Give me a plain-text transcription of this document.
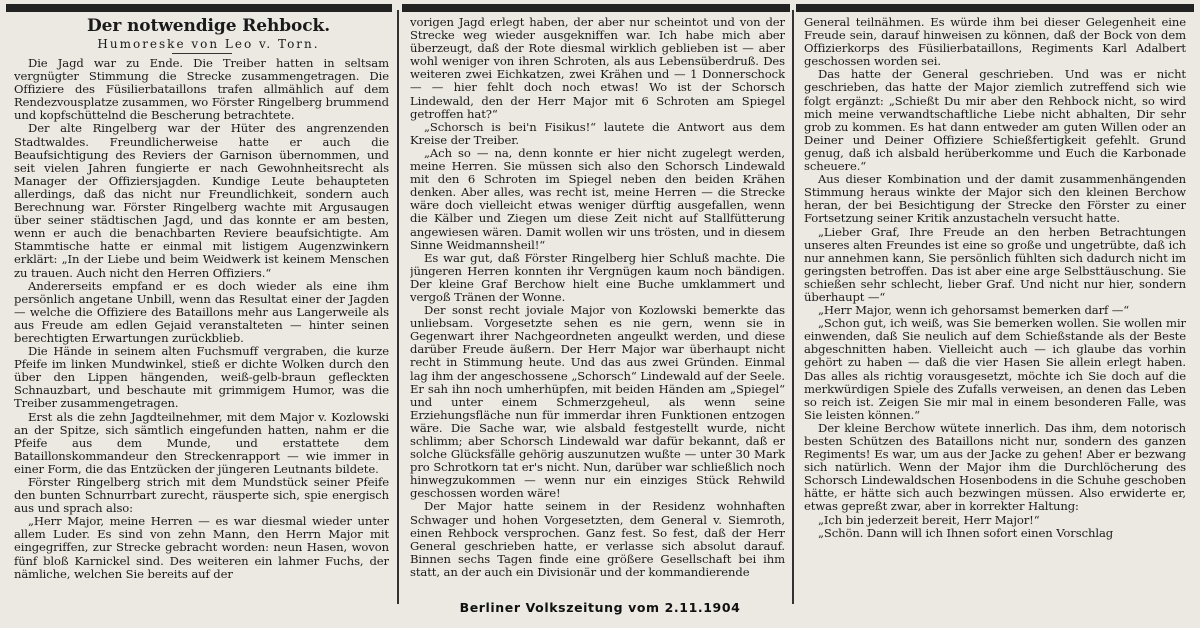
Der notwendige Rehbock.

Humoreske von Leo v. Torn.

Die Jagd war zu Ende. Die Treiber hatten in seltsam vergnügter Stimmung die Strecke zusammengetragen. Die Offiziere des Füsilierbataillons trafen allmählich auf dem Rendezvousplatze zusammen, wo Förster Ringelberg brummend und kopfschüttelnd die Bescherung betrachtete.

Der alte Ringelberg war der Hüter des angrenzenden Stadtwaldes. Freundlicherweise hatte er auch die Beaufsichtigung des Reviers der Garnison übernommen, und seit vielen Jahren fungierte er nach Gewohnheitsrecht als Manager der Offiziersjagden. Kundige Leute behaupteten allerdings, daß das nicht nur Freundlichkeit, sondern auch Berechnung war. Förster Ringelberg wachte mit Argusaugen über seiner städtischen Jagd, und das konnte er am besten, wenn er auch die benachbarten Reviere beaufsichtigte. Am Stammtische hatte er einmal mit listigem Augenzwinkern erklärt: „In der Liebe und beim Weidwerk ist keinem Menschen zu trauen. Auch nicht den Herren Offiziers.“

Andererseits empfand er es doch wieder als eine ihm persönlich angetane Unbill, wenn das Resultat einer der Jagden — welche die Offiziere des Bataillons mehr aus Langerweile als aus Freude am edlen Gejaid veranstalteten — hinter seinen berechtigten Erwartungen zurückblieb.

Die Hände in seinem alten Fuchsmuff vergraben, die kurze Pfeife im linken Mundwinkel, stieß er dichte Wolken durch den über den Lippen hängenden, weiß-gelb-braun gefleckten Schnauzbart, und beschaute mit grimmigem Humor, was die Treiber zusammengetragen.

Erst als die zehn Jagdteilnehmer, mit dem Major v. Kozlowski an der Spitze, sich sämtlich eingefunden hatten, nahm er die Pfeife aus dem Munde, und erstattete dem Bataillonskommandeur den Streckenrapport — wie immer in einer Form, die das Entzücken der jüngeren Leutnants bildete.

Förster Ringelberg strich mit dem Mundstück seiner Pfeife den bunten Schnurrbart zurecht, räusperte sich, spie energisch aus und sprach also:

„Herr Major, meine Herren — es war diesmal wieder unter allem Luder. Es sind von zehn Mann, den Herrn Major mit eingegriffen, zur Strecke gebracht worden: neun Hasen, wovon fünf bloß Karnickel sind. Des weiteren ein lahmer Fuchs, der nämliche, welchen Sie bereits auf der

vorigen Jagd erlegt haben, der aber nur scheintot und von der Strecke weg wieder ausgekniffen war. Ich habe mich aber überzeugt, daß der Rote diesmal wirklich geblieben ist — aber wohl weniger von ihren Schroten, als aus Lebensüberdruß. Des weiteren zwei Eichkatzen, zwei Krähen und — 1 Donnerschock — — hier fehlt doch noch etwas! Wo ist der Schorsch Lindewald, den der Herr Major mit 6 Schroten am Spiegel getroffen hat?“

„Schorsch is bei'n Fisikus!“ lautete die Antwort aus dem Kreise der Treiber.

„Ach so — na, denn konnte er hier nicht zugelegt werden, meine Herren. Sie müssen sich also den Schorsch Lindewald mit den 6 Schroten im Spiegel neben den beiden Krähen denken. Aber alles, was recht ist, meine Herren — die Strecke wäre doch vielleicht etwas weniger dürftig ausgefallen, wenn die Kälber und Ziegen um diese Zeit nicht auf Stallfütterung angewiesen wären. Damit wollen wir uns trösten, und in diesem Sinne Weidmannsheil!“

Es war gut, daß Förster Ringelberg hier Schluß machte. Die jüngeren Herren konnten ihr Vergnügen kaum noch bändigen. Der kleine Graf Berchow hielt eine Buche umklammert und vergoß Tränen der Wonne.

Der sonst recht joviale Major von Kozlowski bemerkte das unliebsam. Vorgesetzte sehen es nie gern, wenn sie in Gegenwart ihrer Nachgeordneten angeulkt werden, und diese darüber Freude äußern. Der Herr Major war überhaupt nicht recht in Stimmung heute. Und das aus zwei Gründen. Einmal lag ihm der angeschossene „Schorsch“ Lindewald auf der Seele. Er sah ihn noch umherhüpfen, mit beiden Händen am „Spiegel“ und unter einem Schmerzgeheul, als wenn seine Erziehungsfläche nun für immerdar ihren Funktionen entzogen wäre. Die Sache war, wie alsbald festgestellt wurde, nicht schlimm; aber Schorsch Lindewald war dafür bekannt, daß er solche Glücksfälle gehörig auszunutzen wußte — unter 30 Mark pro Schrotkorn tat er's nicht. Nun, darüber war schließlich noch hinwegzukommen — wenn nur ein einziges Stück Rehwild geschossen worden wäre!

Der Major hatte seinem in der Residenz wohnhaften Schwager und hohen Vorgesetzten, dem General v. Siemroth, einen Rehbock versprochen. Ganz fest. So fest, daß der Herr General geschrieben hatte, er verlasse sich absolut darauf. Binnen sechs Tagen finde eine größere Gesellschaft bei ihm statt, an der auch ein Divisionär und der kommandierende

General teilnähmen. Es würde ihm bei dieser Gelegenheit eine Freude sein, darauf hinweisen zu können, daß der Bock von dem Offizierkorps des Füsilierbataillons, Regiments Karl Adalbert geschossen worden sei.

Das hatte der General geschrieben. Und was er nicht geschrieben, das hatte der Major ziemlich zutreffend sich wie folgt ergänzt: „Schießt Du mir aber den Rehbock nicht, so wird mich meine verwandtschaftliche Liebe nicht abhalten, Dir sehr grob zu kommen. Es hat dann entweder am guten Willen oder an Deiner und Deiner Offiziere Schießfertigkeit gefehlt. Grund genug, daß ich alsbald herüberkomme und Euch die Karbonade scheuere.“

Aus dieser Kombination und der damit zusammenhängenden Stimmung heraus winkte der Major sich den kleinen Berchow heran, der bei Besichtigung der Strecke den Förster zu einer Fortsetzung seiner Kritik anzustacheln versucht hatte.

„Lieber Graf, Ihre Freude an den herben Betrachtungen unseres alten Freundes ist eine so große und ungetrübte, daß ich nur annehmen kann, Sie persönlich fühlten sich dadurch nicht im geringsten betroffen. Das ist aber eine arge Selbsttäuschung. Sie schießen sehr schlecht, lieber Graf. Und nicht nur hier, sondern überhaupt —“

„Herr Major, wenn ich gehorsamst bemerken darf —“

„Schon gut, ich weiß, was Sie bemerken wollen. Sie wollen mir einwenden, daß Sie neulich auf dem Schießstande als der Beste abgeschnitten haben. Vielleicht auch — ich glaube das vorhin gehört zu haben — daß die vier Hasen Sie allein erlegt haben. Das alles als richtig vorausgesetzt, möchte ich Sie doch auf die merkwürdigen Spiele des Zufalls verweisen, an denen das Leben so reich ist. Zeigen Sie mir mal in einem besonderen Falle, was Sie leisten können.“

Der kleine Berchow wütete innerlich. Das ihm, dem notorisch besten Schützen des Bataillons nicht nur, sondern des ganzen Regiments! Es war, um aus der Jacke zu gehen! Aber er bezwang sich natürlich. Wenn der Major ihm die Durchlöcherung des Schorsch Lindewaldschen Hosenbodens in die Schuhe geschoben hätte, er hätte sich auch bezwingen müssen. Also erwiderte er, etwas gepreßt zwar, aber in korrekter Haltung:

„Ich bin jederzeit bereit, Herr Major!“

„Schön. Dann will ich Ihnen sofort einen Vorschlag

Berliner Volkszeitung vom 2.11.1904
